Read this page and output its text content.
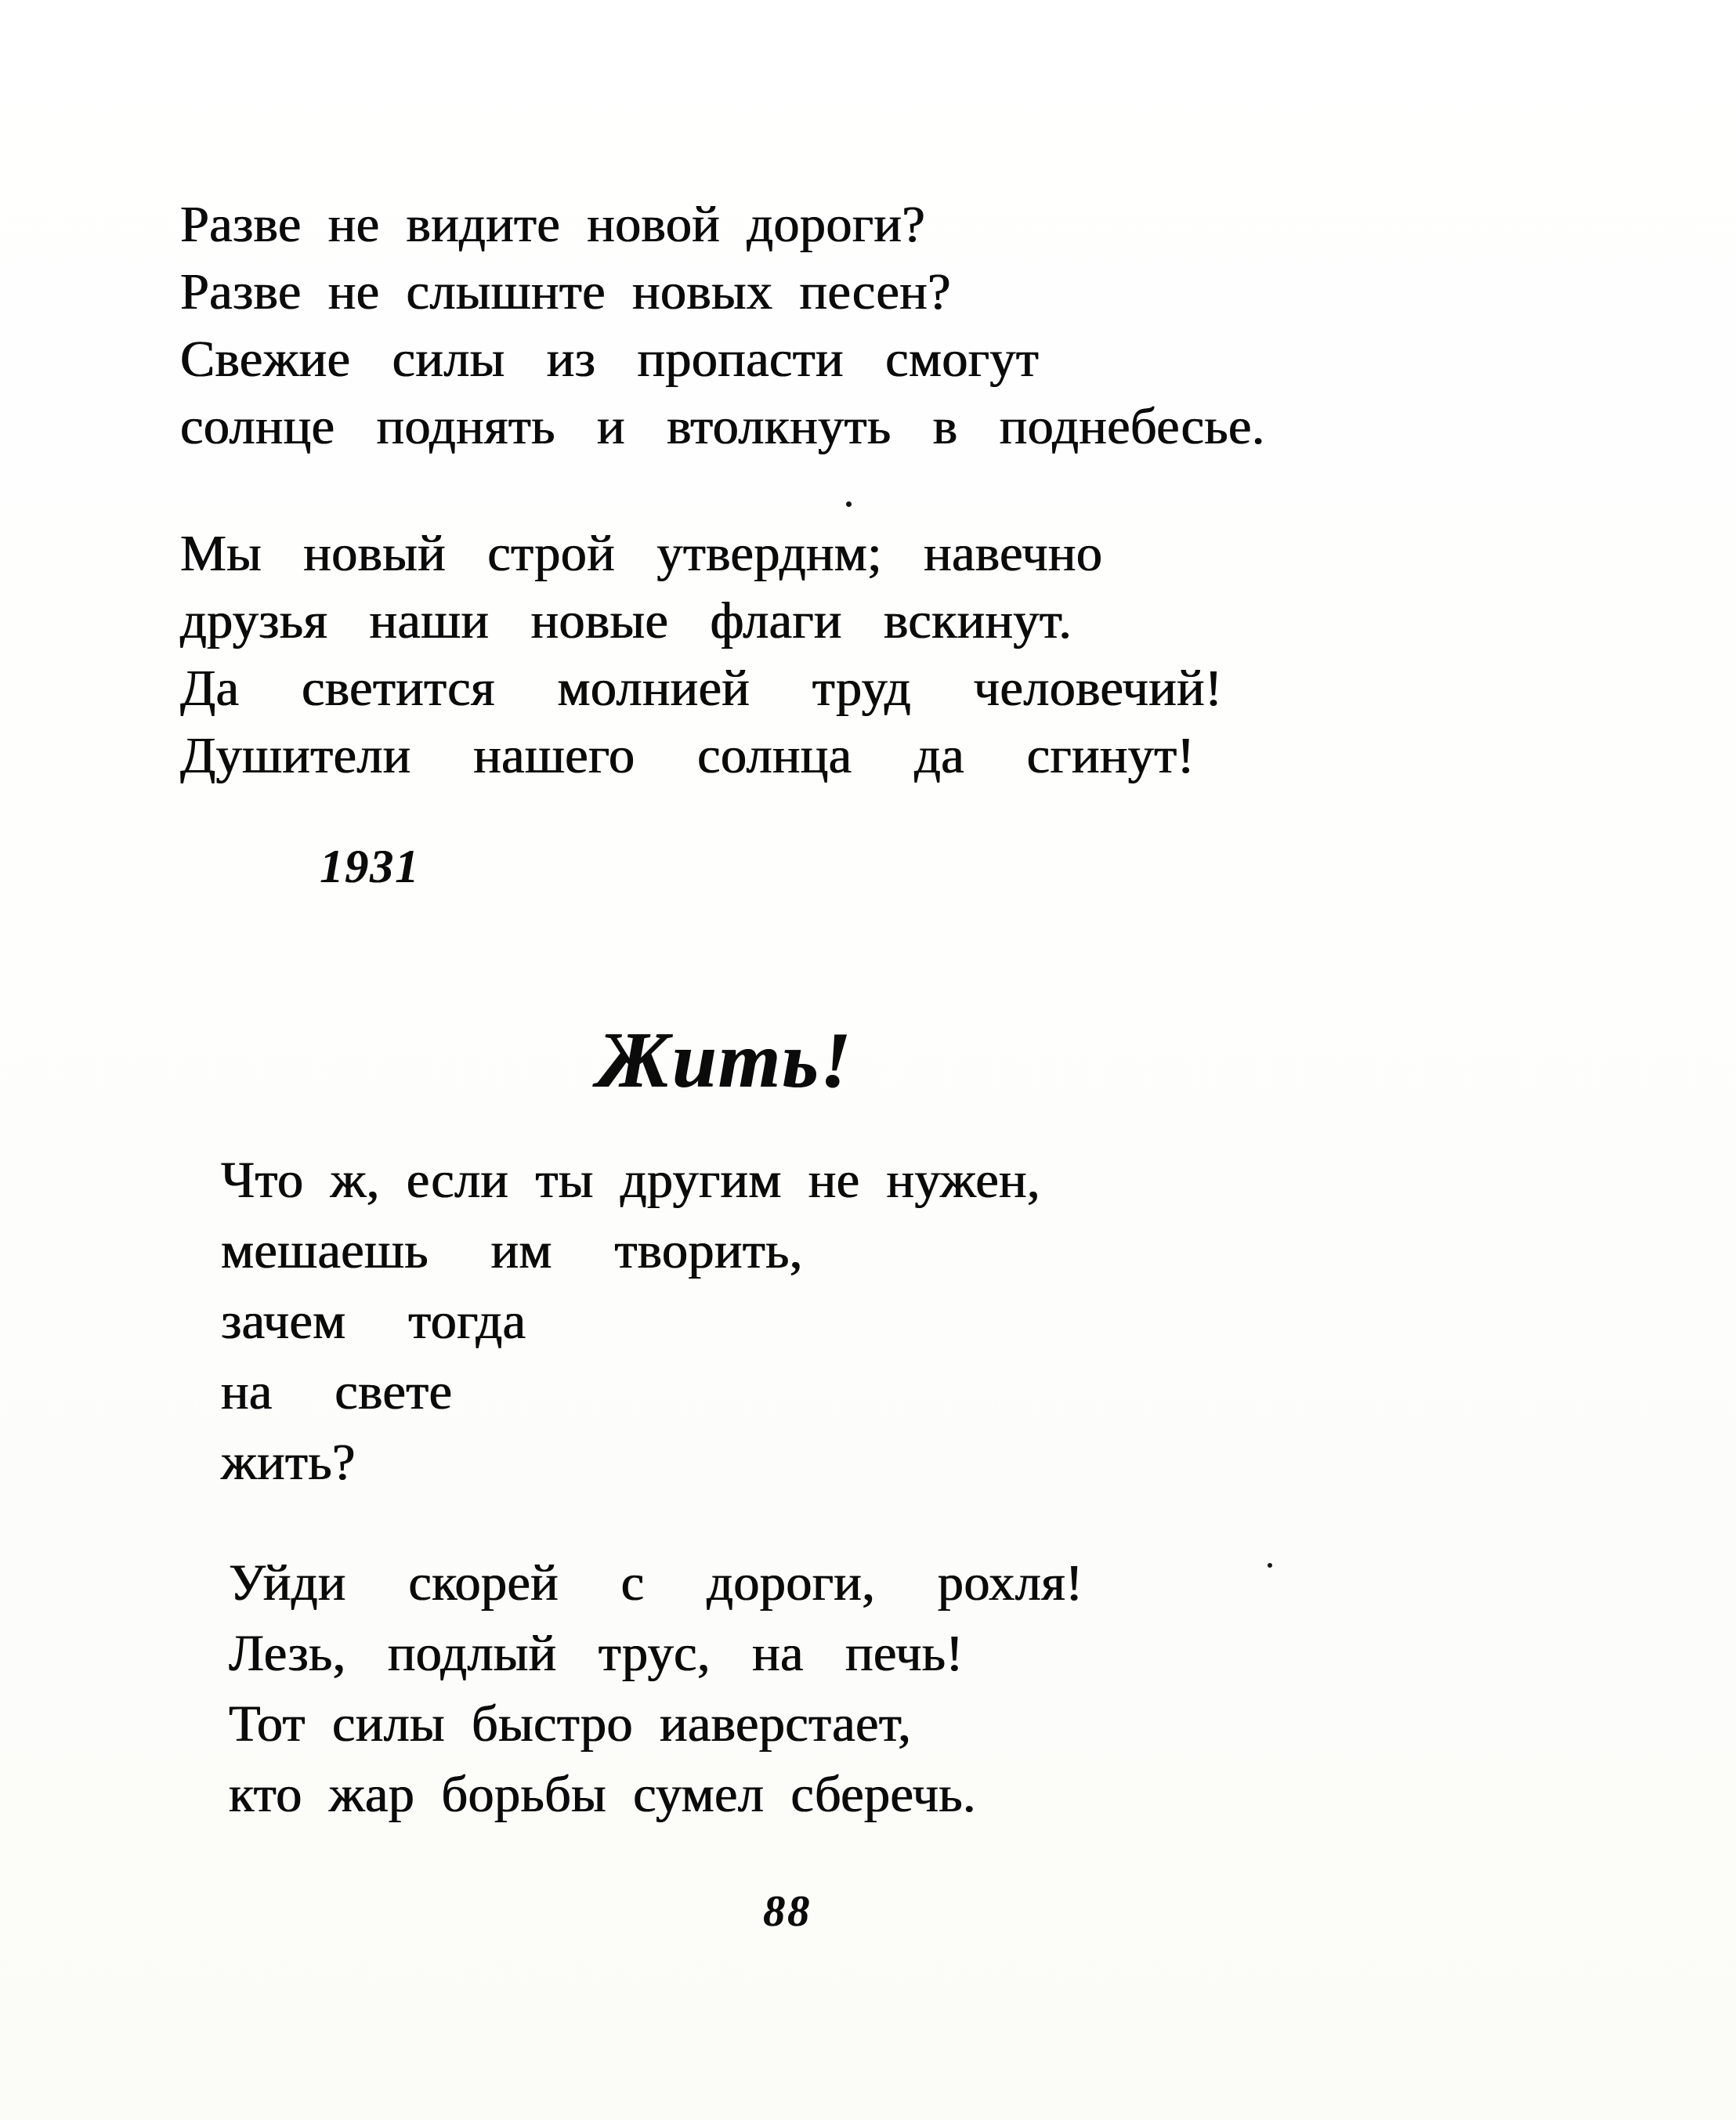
Разве не видите новой дороги?
Разве не слышнте новых песен?
Свежие силы из пропасти смогут
солнце поднять и втолкнуть в поднебесье.
Мы новый строй утверднм; навечно
друзья наши новые флаги вскинут.
Да светится молнией труд человечий!
Душители нашего солнца да сгинут!
1931
Жить!
Что ж, если ты другим не нужен,
мешаешь им творить,
зачем тогда
на свете
жить?
Уйди скорей с дороги, рохля!
Лезь, подлый трус, на печь!
Тот силы быстро иаверстает,
кто жар борьбы сумел сберечь.
88
